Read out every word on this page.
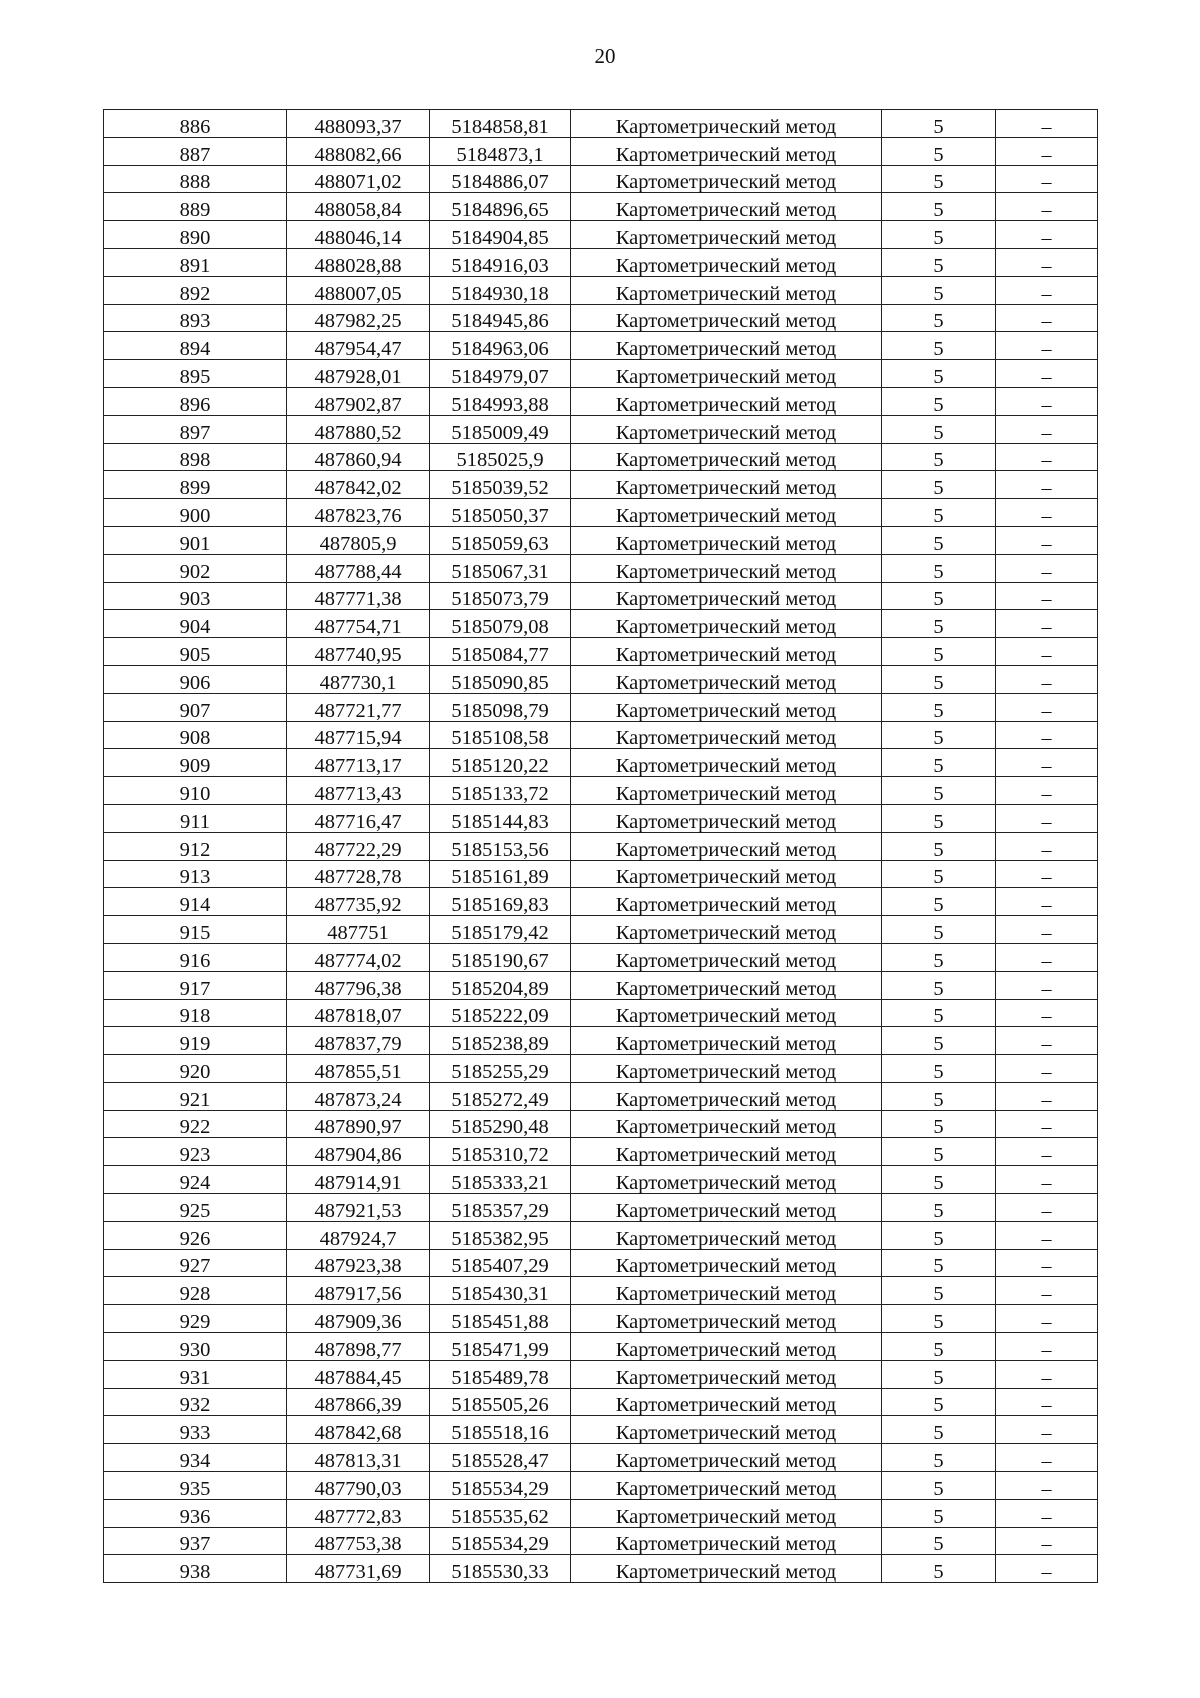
20
886	488093,37	5184858,81	Картометрический метод	5	–
887	488082,66	5184873,1	Картометрический метод	5	–
888	488071,02	5184886,07	Картометрический метод	5	–
889	488058,84	5184896,65	Картометрический метод	5	–
890	488046,14	5184904,85	Картометрический метод	5	–
891	488028,88	5184916,03	Картометрический метод	5	–
892	488007,05	5184930,18	Картометрический метод	5	–
893	487982,25	5184945,86	Картометрический метод	5	–
894	487954,47	5184963,06	Картометрический метод	5	–
895	487928,01	5184979,07	Картометрический метод	5	–
896	487902,87	5184993,88	Картометрический метод	5	–
897	487880,52	5185009,49	Картометрический метод	5	–
898	487860,94	5185025,9	Картометрический метод	5	–
899	487842,02	5185039,52	Картометрический метод	5	–
900	487823,76	5185050,37	Картометрический метод	5	–
901	487805,9	5185059,63	Картометрический метод	5	–
902	487788,44	5185067,31	Картометрический метод	5	–
903	487771,38	5185073,79	Картометрический метод	5	–
904	487754,71	5185079,08	Картометрический метод	5	–
905	487740,95	5185084,77	Картометрический метод	5	–
906	487730,1	5185090,85	Картометрический метод	5	–
907	487721,77	5185098,79	Картометрический метод	5	–
908	487715,94	5185108,58	Картометрический метод	5	–
909	487713,17	5185120,22	Картометрический метод	5	–
910	487713,43	5185133,72	Картометрический метод	5	–
911	487716,47	5185144,83	Картометрический метод	5	–
912	487722,29	5185153,56	Картометрический метод	5	–
913	487728,78	5185161,89	Картометрический метод	5	–
914	487735,92	5185169,83	Картометрический метод	5	–
915	487751	5185179,42	Картометрический метод	5	–
916	487774,02	5185190,67	Картометрический метод	5	–
917	487796,38	5185204,89	Картометрический метод	5	–
918	487818,07	5185222,09	Картометрический метод	5	–
919	487837,79	5185238,89	Картометрический метод	5	–
920	487855,51	5185255,29	Картометрический метод	5	–
921	487873,24	5185272,49	Картометрический метод	5	–
922	487890,97	5185290,48	Картометрический метод	5	–
923	487904,86	5185310,72	Картометрический метод	5	–
924	487914,91	5185333,21	Картометрический метод	5	–
925	487921,53	5185357,29	Картометрический метод	5	–
926	487924,7	5185382,95	Картометрический метод	5	–
927	487923,38	5185407,29	Картометрический метод	5	–
928	487917,56	5185430,31	Картометрический метод	5	–
929	487909,36	5185451,88	Картометрический метод	5	–
930	487898,77	5185471,99	Картометрический метод	5	–
931	487884,45	5185489,78	Картометрический метод	5	–
932	487866,39	5185505,26	Картометрический метод	5	–
933	487842,68	5185518,16	Картометрический метод	5	–
934	487813,31	5185528,47	Картометрический метод	5	–
935	487790,03	5185534,29	Картометрический метод	5	–
936	487772,83	5185535,62	Картометрический метод	5	–
937	487753,38	5185534,29	Картометрический метод	5	–
938	487731,69	5185530,33	Картометрический метод	5	–
